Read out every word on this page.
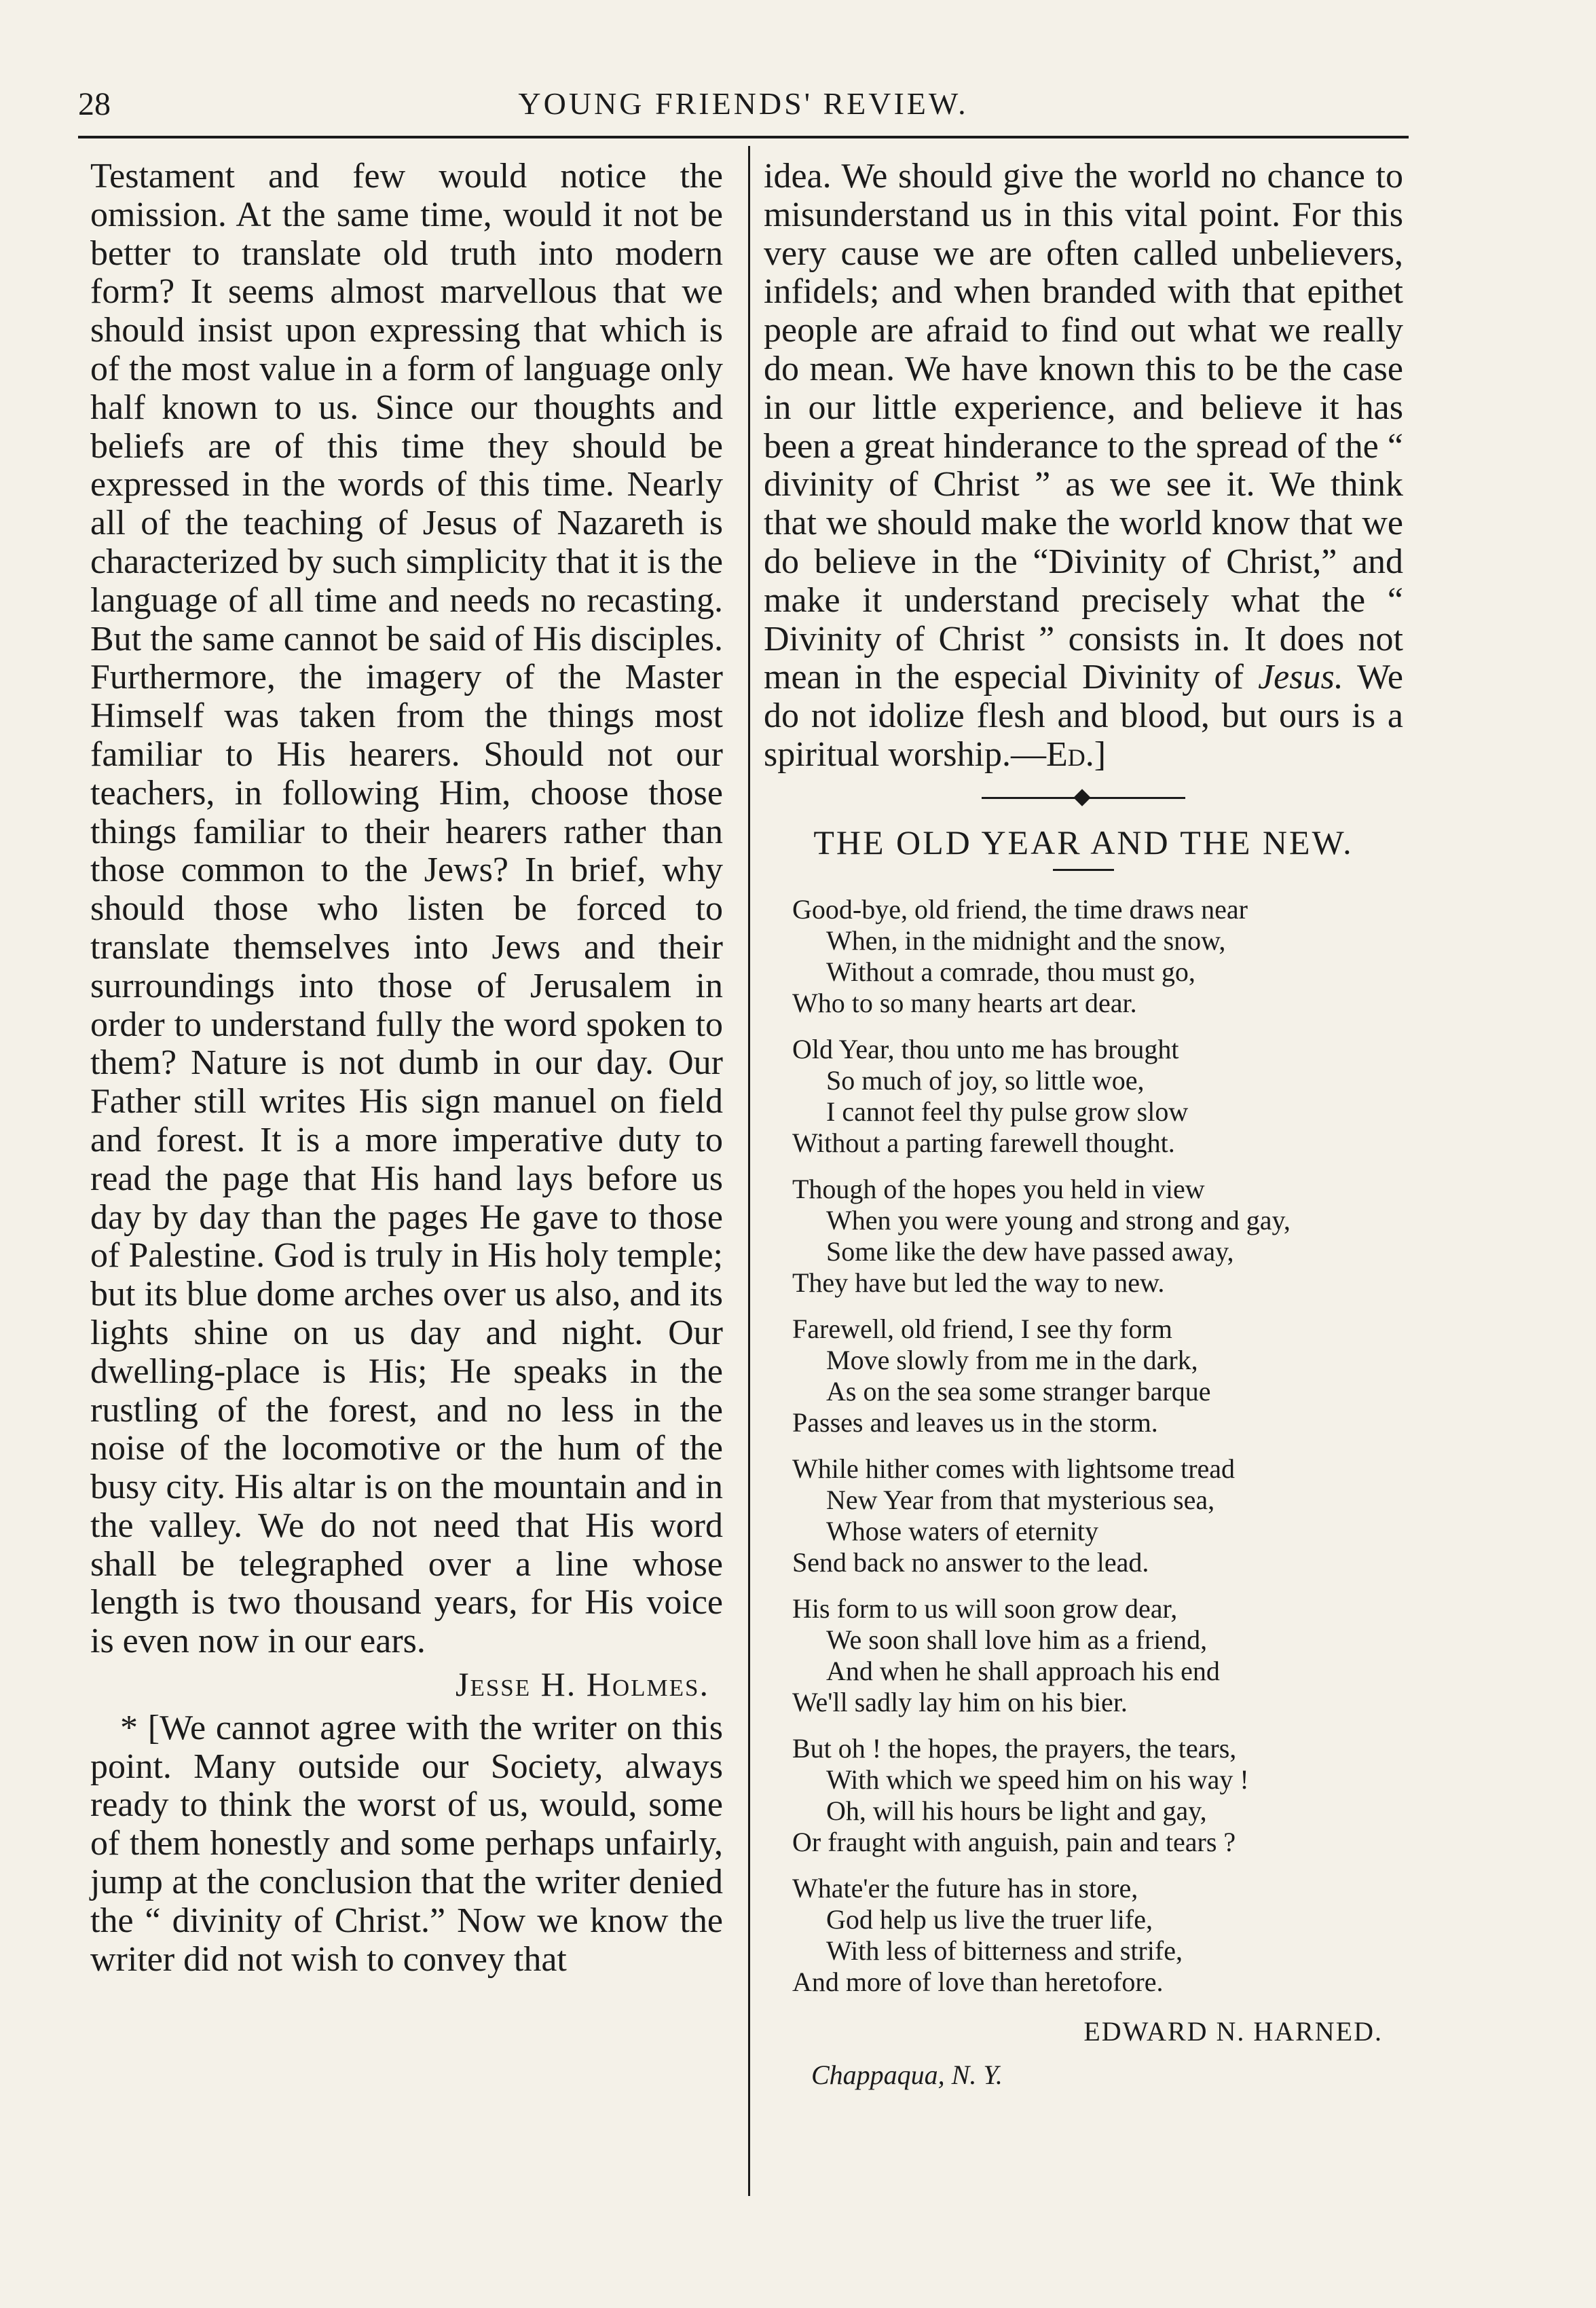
28	YOUNG FRIENDS' REVIEW.

Testament and few would notice the omission. At the same time, would it not be better to translate old truth into modern form? It seems almost marvellous that we should insist upon expressing that which is of the most value in a form of language only half known to us. Since our thoughts and beliefs are of this time they should be expressed in the words of this time. Nearly all of the teaching of Jesus of Nazareth is characterized by such simplicity that it is the language of all time and needs no recasting. But the same cannot be said of His disciples. Furthermore, the imagery of the Master Himself was taken from the things most familiar to His hearers. Should not our teachers, in following Him, choose those things familiar to their hearers rather than those common to the Jews? In brief, why should those who listen be forced to translate themselves into Jews and their surroundings into those of Jerusalem in order to understand fully the word spoken to them? Nature is not dumb in our day. Our Father still writes His sign manuel on field and forest. It is a more imperative duty to read the page that His hand lays before us day by day than the pages He gave to those of Palestine. God is truly in His holy temple; but its blue dome arches over us also, and its lights shine on us day and night. Our dwelling-place is His; He speaks in the rustling of the forest, and no less in the noise of the locomotive or the hum of the busy city. His altar is on the mountain and in the valley. We do not need that His word shall be telegraphed over a line whose length is two thousand years, for His voice is even now in our ears.

Jesse H. Holmes.

* [We cannot agree with the writer on this point. Many outside our Society, always ready to think the worst of us, would, some of them honestly and some perhaps unfairly, jump at the conclusion that the writer denied the “ divinity of Christ.” Now we know the writer did not wish to convey that

idea. We should give the world no chance to misunderstand us in this vital point. For this very cause we are often called unbelievers, infidels; and when branded with that epithet people are afraid to find out what we really do mean. We have known this to be the case in our little experience, and believe it has been a great hinderance to the spread of the “ divinity of Christ ” as we see it. We think that we should make the world know that we do believe in the “Divinity of Christ,” and make it understand precisely what the “ Divinity of Christ ” consists in. It does not mean in the especial Divinity of Jesus. We do not idolize flesh and blood, but ours is a spiritual worship.—Ed.]

THE OLD YEAR AND THE NEW.
Good-bye, old friend, the time draws near
When, in the midnight and the snow,
Without a comrade, thou must go,
Who to so many hearts art dear.
Old Year, thou unto me has brought
So much of joy, so little woe,
I cannot feel thy pulse grow slow
Without a parting farewell thought.
Though of the hopes you held in view
When you were young and strong and gay,
Some like the dew have passed away,
They have but led the way to new.
Farewell, old friend, I see thy form
Move slowly from me in the dark,
As on the sea some stranger barque
Passes and leaves us in the storm.
While hither comes with lightsome tread
New Year from that mysterious sea,
Whose waters of eternity
Send back no answer to the lead.
His form to us will soon grow dear,
We soon shall love him as a friend,
And when he shall approach his end
We'll sadly lay him on his bier.
But oh ! the hopes, the prayers, the tears,
With which we speed him on his way !
Oh, will his hours be light and gay,
Or fraught with anguish, pain and tears ?
Whate'er the future has in store,
God help us live the truer life,
With less of bitterness and strife,
And more of love than heretofore.
EDWARD N. HARNED.
Chappaqua, N. Y.
